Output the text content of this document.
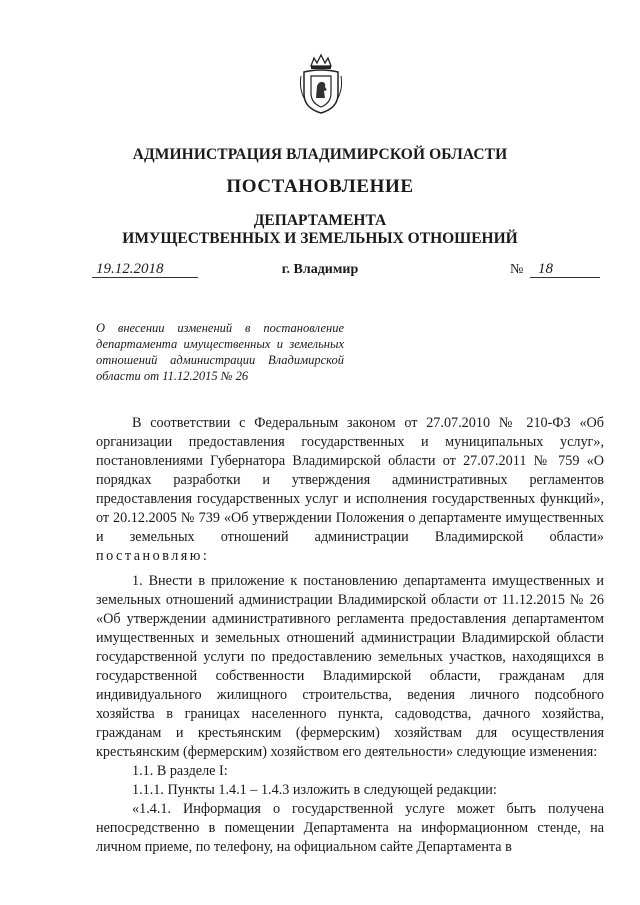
АДМИНИСТРАЦИЯ ВЛАДИМИРСКОЙ ОБЛАСТИ
ПОСТАНОВЛЕНИЕ
ДЕПАРТАМЕНТА
ИМУЩЕСТВЕННЫХ И ЗЕМЕЛЬНЫХ ОТНОШЕНИЙ
19.12.2018	г. Владимир	№ 18
О внесении изменений в постановление департамента имущественных и земельных отношений администрации Владимирской области от 11.12.2015 № 26

В соответствии с Федеральным законом от 27.07.2010 № 210-ФЗ «Об организации предоставления государственных и муниципальных услуг», постановлениями Губернатора Владимирской области от 27.07.2011 № 759 «О порядках разработки и утверждения административных регламентов предоставления государственных услуг и исполнения государственных функций», от 20.12.2005 № 739 «Об утверждении Положения о департаменте имущественных и земельных отношений администрации Владимирской области» постановляю:

1. Внести в приложение к постановлению департамента имущественных и земельных отношений администрации Владимирской области от 11.12.2015 № 26 «Об утверждении административного регламента предоставления департаментом имущественных и земельных отношений администрации Владимирской области государственной услуги по предоставлению земельных участков, находящихся в государственной собственности Владимирской области, гражданам для индивидуального жилищного строительства, ведения личного подсобного хозяйства в границах населенного пункта, садоводства, дачного хозяйства, гражданам и крестьянским (фермерским) хозяйствам для осуществления крестьянским (фермерским) хозяйством его деятельности» следующие изменения:

1.1. В разделе I:

1.1.1. Пункты 1.4.1 – 1.4.3 изложить в следующей редакции:

«1.4.1. Информация о государственной услуге может быть получена непосредственно в помещении Департамента на информационном стенде, на личном приеме, по телефону, на официальном сайте Департамента в
